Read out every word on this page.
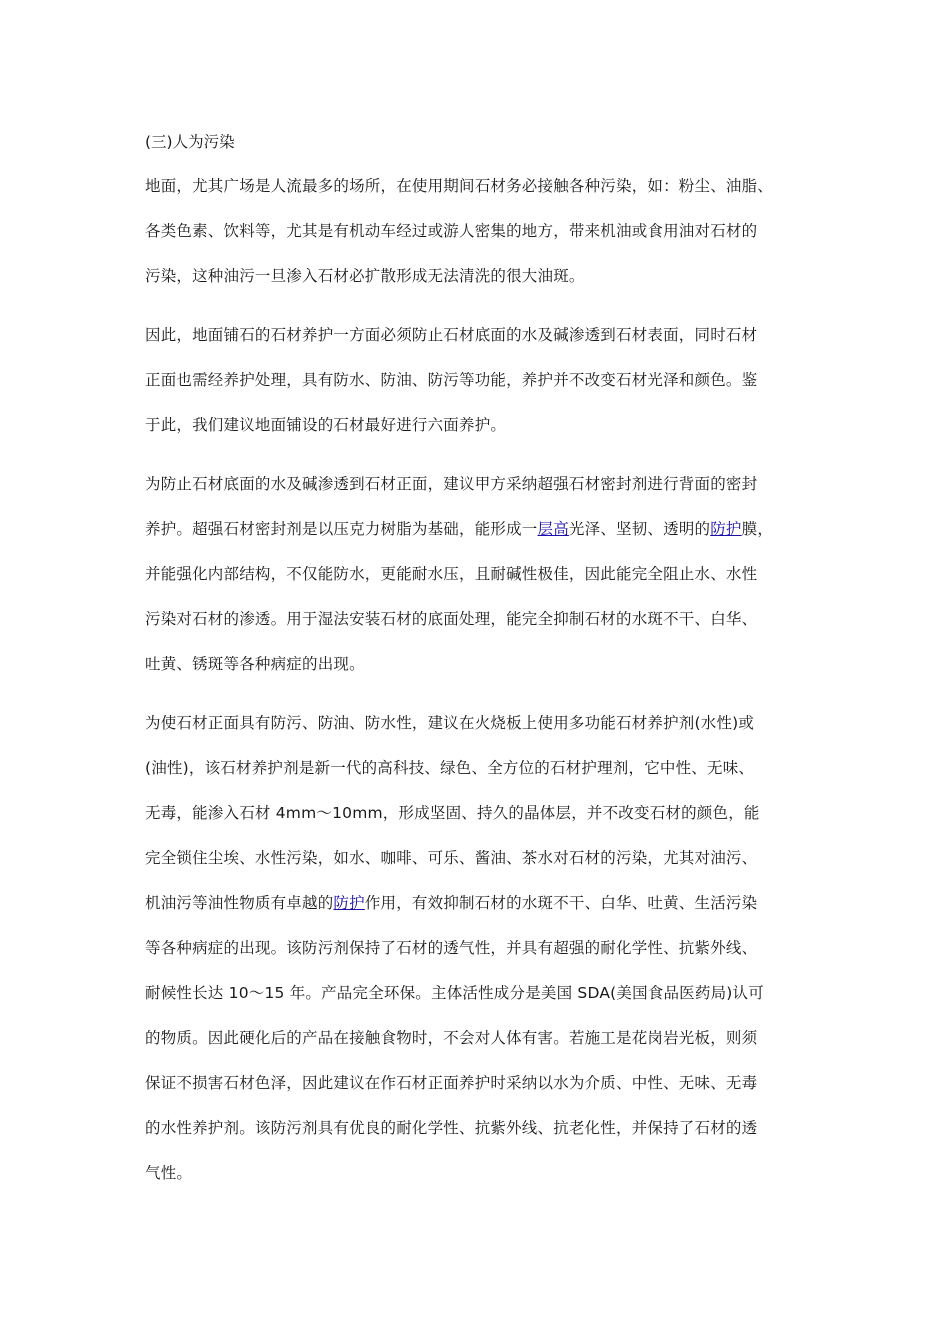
(三)人为污染
地面，尤其广场是人流最多的场所，在使用期间石材务必接触各种污染，如：粉尘、油脂、
各类色素、饮料等，尤其是有机动车经过或游人密集的地方，带来机油或食用油对石材的
污染，这种油污一旦渗入石材必扩散形成无法清洗的很大油斑。
因此，地面铺石的石材养护一方面必须防止石材底面的水及碱渗透到石材表面，同时石材
正面也需经养护处理，具有防水、防油、防污等功能，养护并不改变石材光泽和颜色。鉴
于此，我们建议地面铺设的石材最好进行六面养护。
为防止石材底面的水及碱渗透到石材正面，建议甲方采纳超强石材密封剂进行背面的密封
养护。超强石材密封剂是以压克力树脂为基础，能形成一层高光泽、坚韧、透明的防护膜，
并能强化内部结构，不仅能防水，更能耐水压，且耐碱性极佳，因此能完全阻止水、水性
污染对石材的渗透。用于湿法安装石材的底面处理，能完全抑制石材的水斑不干、白华、
吐黄、锈斑等各种病症的出现。
为使石材正面具有防污、防油、防水性，建议在火烧板上使用多功能石材养护剂(水性)或
(油性)，该石材养护剂是新一代的高科技、绿色、全方位的石材护理剂，它中性、无味、
无毒，能渗入石材 4mm～10mm，形成坚固、持久的晶体层，并不改变石材的颜色，能
完全锁住尘埃、水性污染，如水、咖啡、可乐、酱油、茶水对石材的污染，尤其对油污、
机油污等油性物质有卓越的防护作用，有效抑制石材的水斑不干、白华、吐黄、生活污染
等各种病症的出现。该防污剂保持了石材的透气性，并具有超强的耐化学性、抗紫外线、
耐候性长达 10～15 年。产品完全环保。主体活性成分是美国 SDA(美国食品医药局)认可
的物质。因此硬化后的产品在接触食物时，不会对人体有害。若施工是花岗岩光板，则须
保证不损害石材色泽，因此建议在作石材正面养护时采纳以水为介质、中性、无味、无毒
的水性养护剂。该防污剂具有优良的耐化学性、抗紫外线、抗老化性，并保持了石材的透
气性。
